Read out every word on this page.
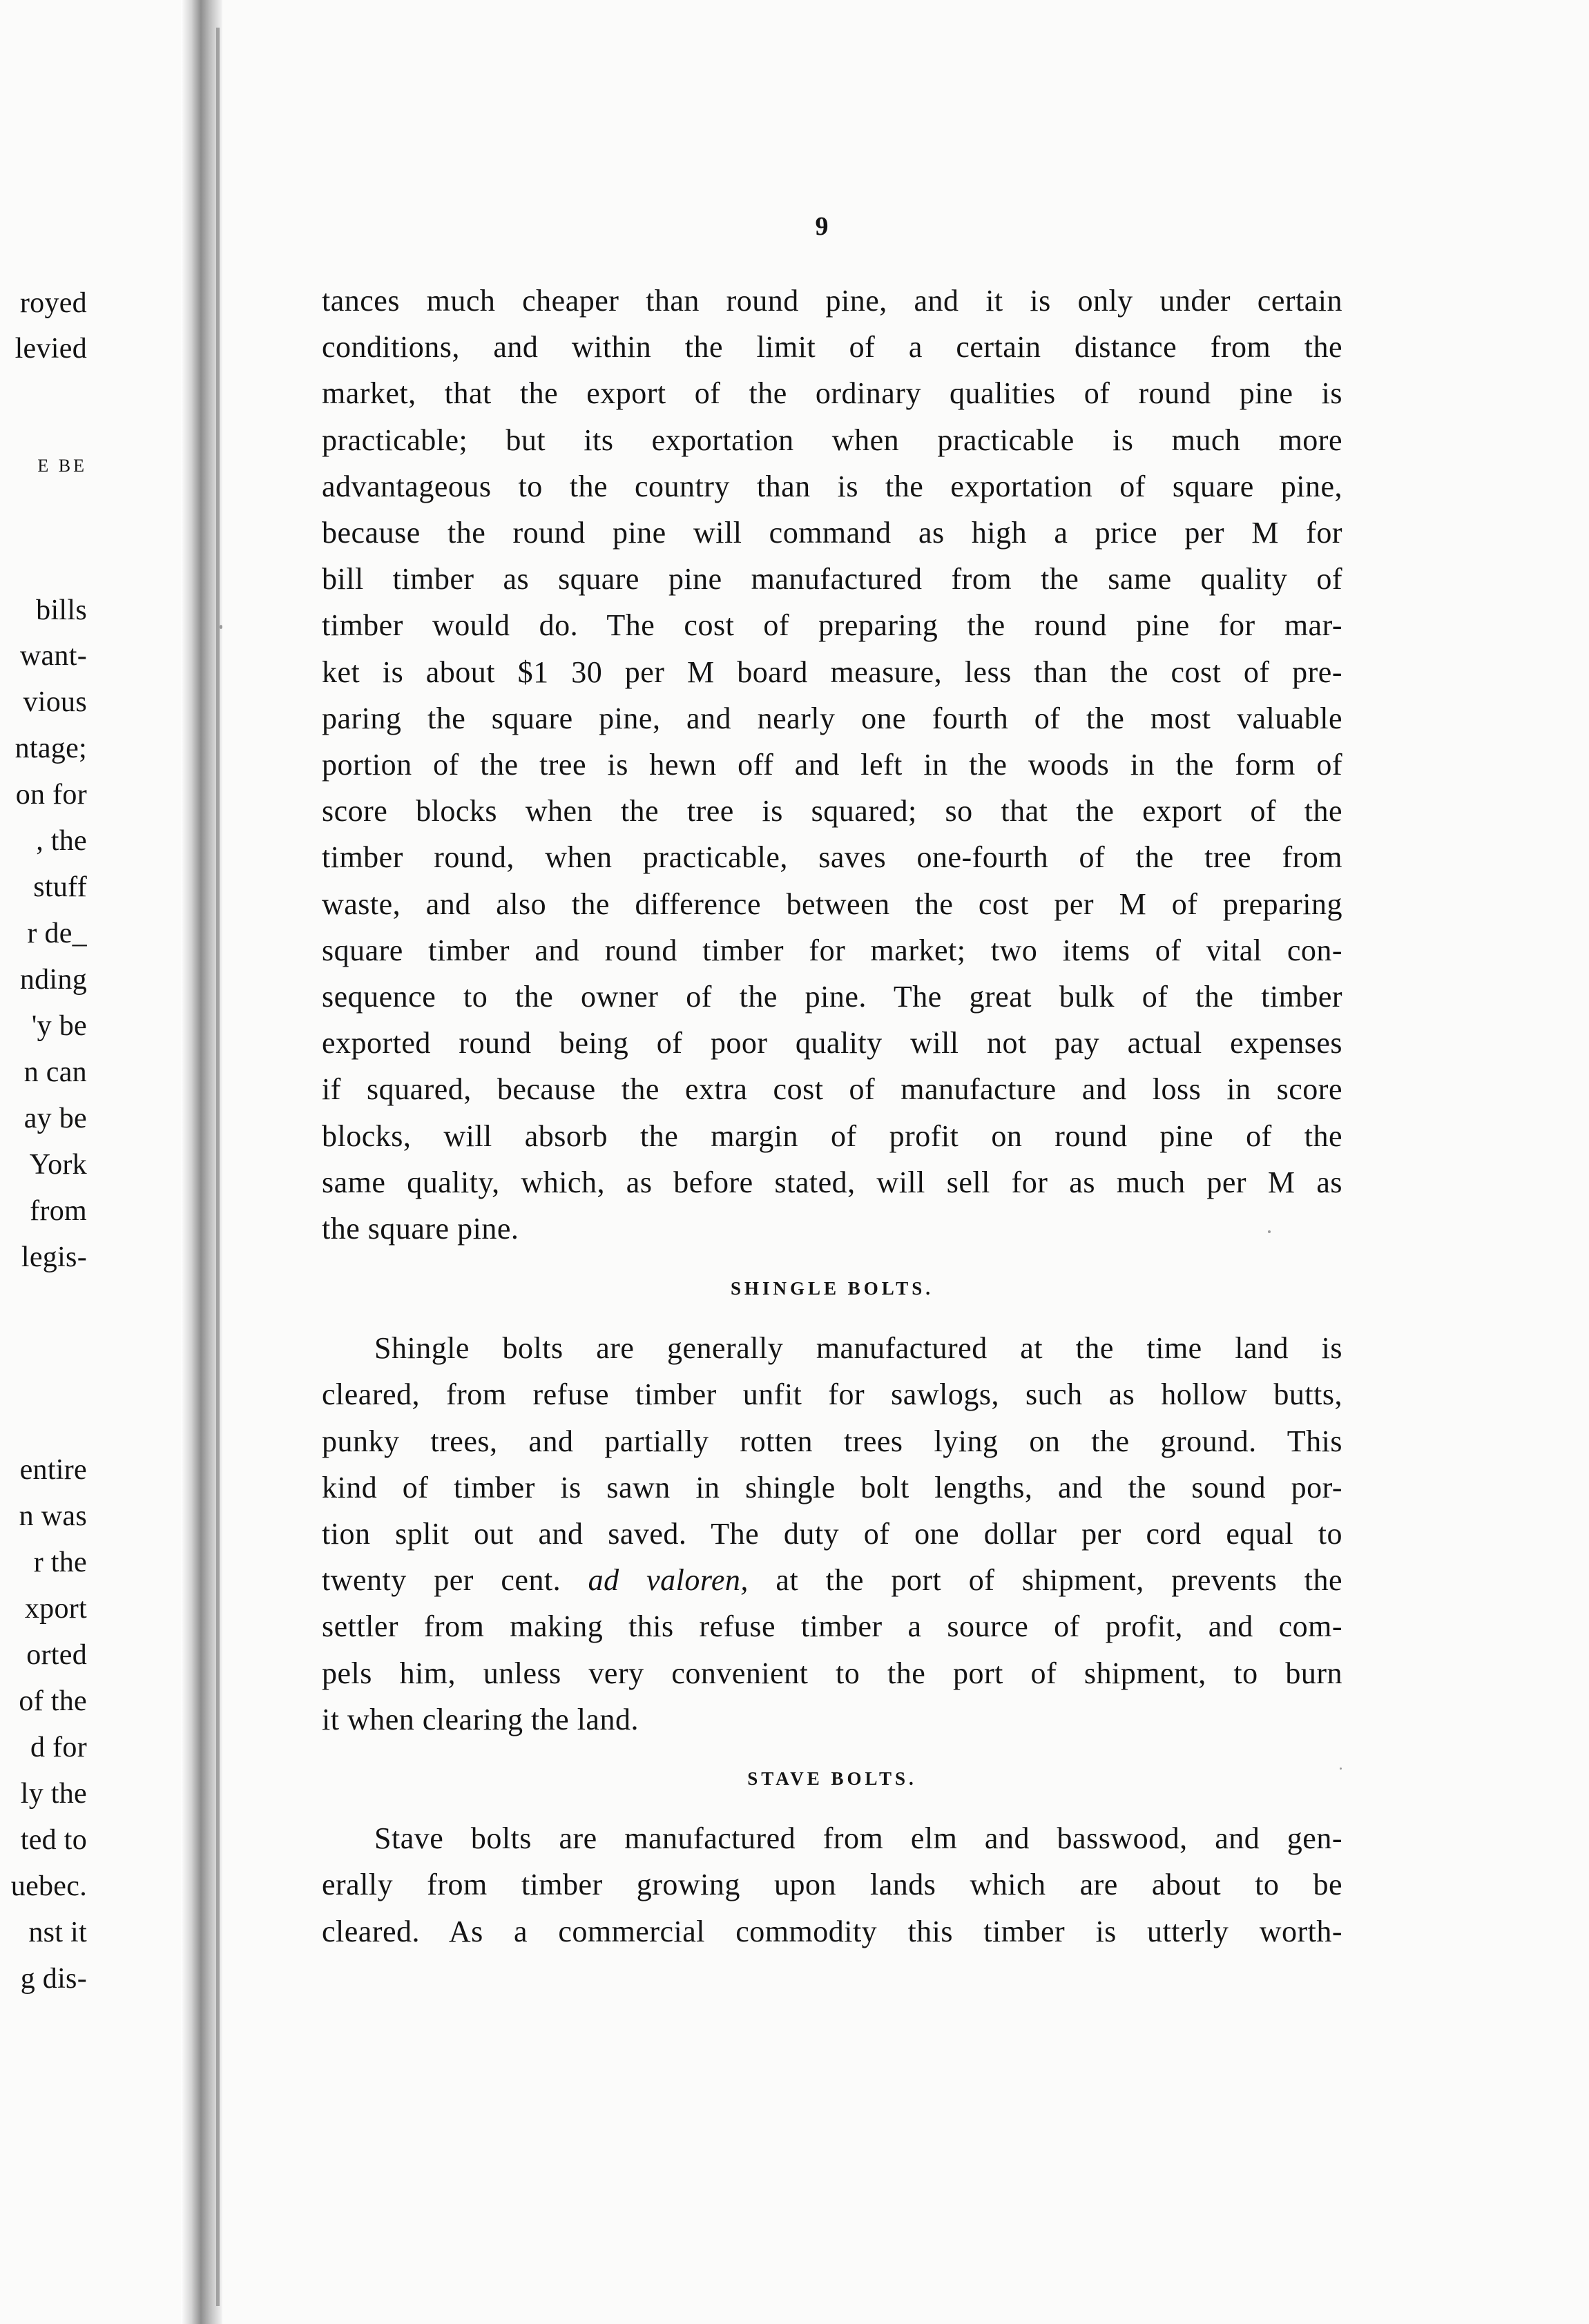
royed
levied
E BE
bills
want-
vious
ntage;
on for
, the
stuff
r de_
nding
'y be
n can
ay be
York
from
legis-
entire
n was
r the
xport
orted
of the
d for
ly the
ted to
uebec.
nst it
g dis-
9
tances much cheaper than round pine, and it is only under certain
conditions, and within the limit of a certain distance from the
market, that the export of the ordinary qualities of round pine is
practicable; but its exportation when practicable is much more
advantageous to the country than is the exportation of square pine,
because the round pine will command as high a price per M for
bill timber as square pine manufactured from the same quality of
timber would do. The cost of preparing the round pine for mar-
ket is about $1 30 per M board measure, less than the cost of pre-
paring the square pine, and nearly one fourth of the most valuable
portion of the tree is hewn off and left in the woods in the form of
score blocks when the tree is squared; so that the export of the
timber round, when practicable, saves one-fourth of the tree from
waste, and also the difference between the cost per M of preparing
square timber and round timber for market; two items of vital con-
sequence to the owner of the pine. The great bulk of the timber
exported round being of poor quality will not pay actual expenses
if squared, because the extra cost of manufacture and loss in score
blocks, will absorb the margin of profit on round pine of the
same quality, which, as before stated, will sell for as much per M as
the square pine.
SHINGLE BOLTS.
Shingle bolts are generally manufactured at the time land is
cleared, from refuse timber unfit for sawlogs, such as hollow butts,
punky trees, and partially rotten trees lying on the ground. This
kind of timber is sawn in shingle bolt lengths, and the sound por-
tion split out and saved. The duty of one dollar per cord equal to
twenty per cent. ad valoren, at the port of shipment, prevents the
settler from making this refuse timber a source of profit, and com-
pels him, unless very convenient to the port of shipment, to burn
it when clearing the land.
STAVE BOLTS.
Stave bolts are manufactured from elm and basswood, and gen-
erally from timber growing upon lands which are about to be
cleared. As a commercial commodity this timber is utterly worth-
